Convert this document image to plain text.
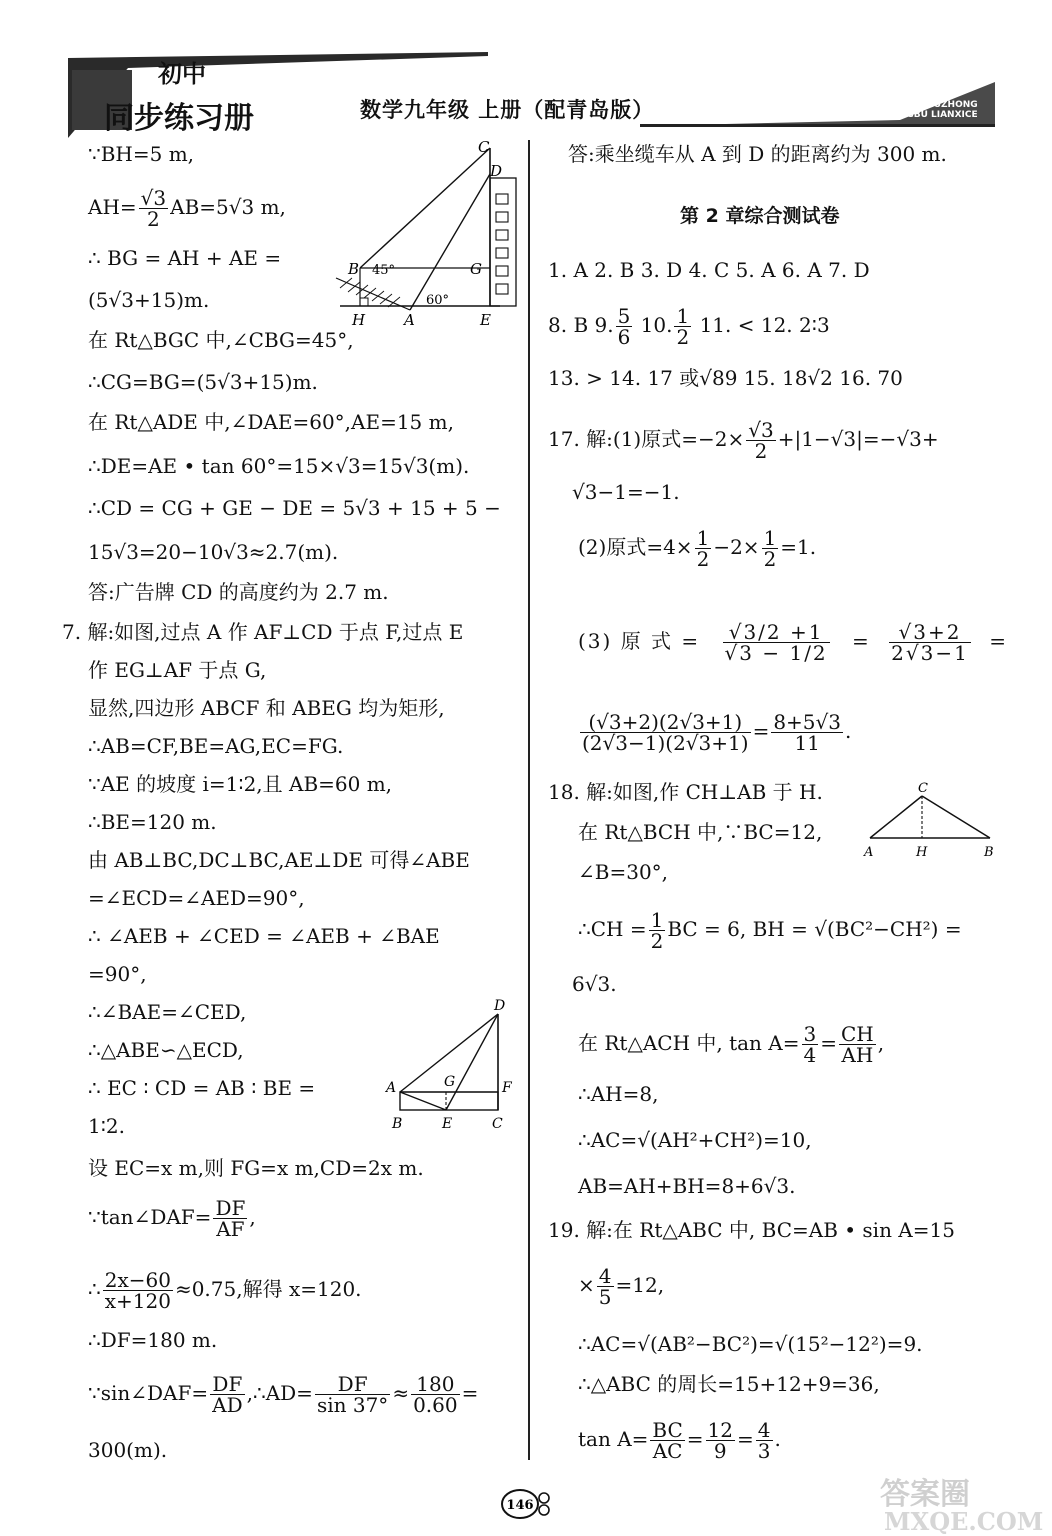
初中
同步练习册	数学九年级 上册（配青岛版）	CHUZHONG
TONGBU LIANXICE
∵BH=5 m,
$AH= \frac{√3}{2} AB=5√3$ m,
∴ BG = AH + AE =
(5√3+15)m.
在 Rt△BGC 中,∠CBG=45°,
∴CG=BG=(5√3+15)m.
在 Rt△ADE 中,∠DAE=60°,AE=15 m,
∴DE=AE • tan 60°=15×√3=15√3(m).
∴CD = CG + GE − DE = 5√3 + 15 + 5 −
15√3=20−10√3≈2.7(m).
答:广告牌 CD 的高度约为 2.7 m.
7. 解:如图,过点 A 作 AF⊥CD 于点 F,过点 E
作 EG⊥AF 于点 G,
显然,四边形 ABCF 和 ABEG 均为矩形,
∴AB=CF,BE=AG,EC=FG.
∵AE 的坡度 i=1∶2,且 AB=60 m,
∴BE=120 m.
由 AB⊥BC,DC⊥BC,AE⊥DE 可得∠ABE
=∠ECD=∠AED=90°,
∴ ∠AEB + ∠CED = ∠AEB + ∠BAE
=90°,
∴∠BAE=∠CED,
∴△ABE∽△ECD,
∴ EC ∶ CD = AB ∶ BE =
1∶2.
设 EC=x m,则 FG=x m,CD=2x m.
∵tan∠DAF= $\frac{DF}{AF}$ ,
∴ $\frac{2x-60}{x+120} \approx 0.75$,解得 x=120.
∴DF=180 m.
∵sin∠DAF= $\frac{DF}{AD}$ ,∴AD= $\frac{DF}{\sin 37^\circ} \approx \frac{180}{0.60}$ =
300(m).
C
D
B 45°	G
60°
H	A	E
D
A	G	F
B	E	C
答:乘坐缆车从 A 到 D 的距离约为 300 m.
第 2 章综合测试卷
1. A 2. B 3. D 4. C 5. A 6. A 7. D
8. B 9. $\frac{5}{6} 10$. $\frac{1}{2} 11$. < 12. 2∶3
13. > 14. 17 或√89 15. 18√2 16. 70
17. 解:(1)原式$=-2\times \frac{√3}{2} +|1-√3|=-√3+$
√3−1=−1.
(2)原式$=4\times \frac{1}{2} -2\times \frac{1}{2} =1$.
(3) 原 式 = $\frac{√3/2 +1}{√3 - 1/2} = \frac{√3+2}{2√3-1}$ =
$\frac{(√3+2)(2√3+1)}{(2√3-1)(2√3+1)} = \frac{8+5√3}{11}$ .
18. 解:如图,作 CH⊥AB 于 H.
在 Rt△BCH 中,∵BC=12,
∠B=30°,
∴CH = $\frac{1}{2}$ BC = 6, BH = √(BC²−CH²) =
6√3.
在 Rt△ACH 中, $\tan A= \frac{3}{4} = \frac{CH}{AH}$ ,
∴AH=8,
∴AC=√(AH²+CH²)=10,
AB=AH+BH=8+6√3.
19. 解:在 Rt△ABC 中, BC=AB • sin A=15
× $\frac{4}{5} =12$,
∴AC=√(AB²−BC²)=√(15²−12²)=9.
∴△ABC 的周长=15+12+9=36,
$\tan A= \frac{BC}{AC} = \frac{12}{9} = \frac{4}{3}$ .
C
A	H	B
146	答案圈
MXQE.COM
